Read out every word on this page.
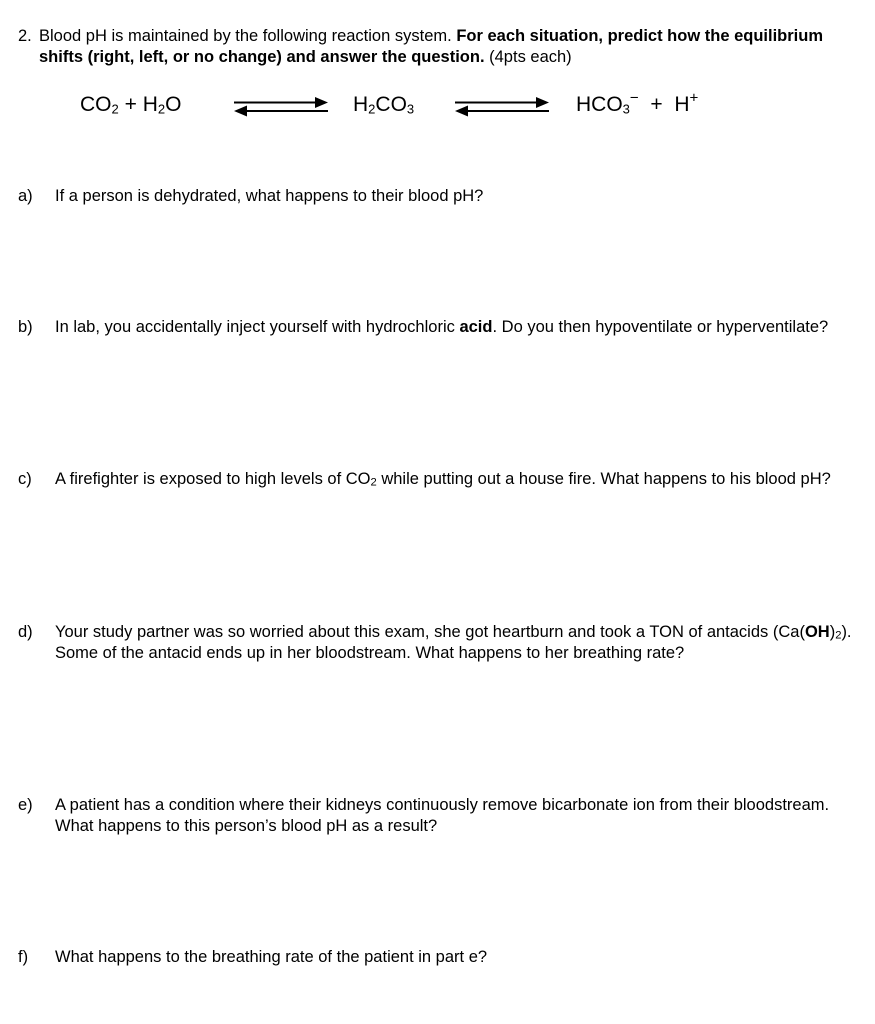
2. Blood pH is maintained by the following reaction system. For each situation, predict how the equilibrium shifts (right, left, or no change) and answer the question. (4pts each)
$CO_2 + H_2O$	$H_2CO_3$	$HCO_3^- + H^+$
a) If a person is dehydrated, what happens to their blood pH?
b) In lab, you accidentally inject yourself with hydrochloric acid. Do you then hypoventilate or hyperventilate?
c) A firefighter is exposed to high levels of CO2 while putting out a house fire. What happens to his blood pH?
d) Your study partner was so worried about this exam, she got heartburn and took a TON of antacids (Ca(OH)2). Some of the antacid ends up in her bloodstream. What happens to her breathing rate?
e) A patient has a condition where their kidneys continuously remove bicarbonate ion from their bloodstream. What happens to this person’s blood pH as a result?
f) What happens to the breathing rate of the patient in part e?
